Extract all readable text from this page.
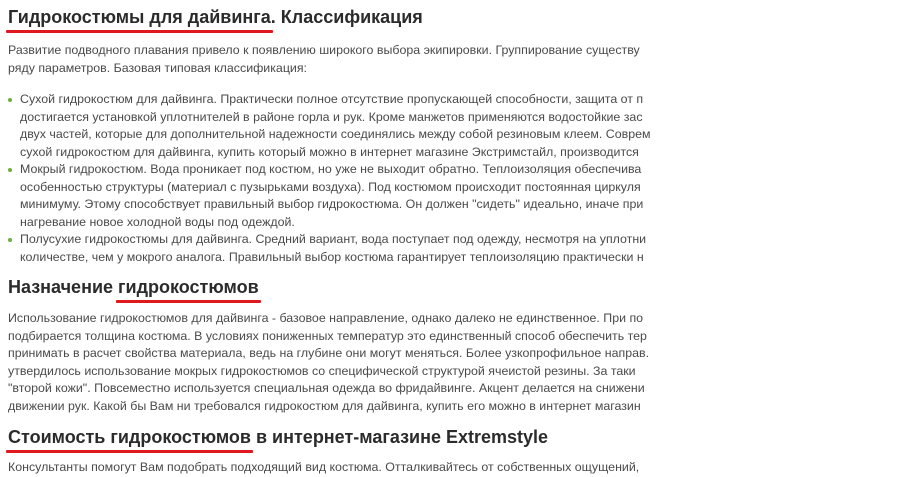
Гидрокостюмы для дайвинга. Классификация

Развитие подводного плавания привело к появлению широкого выбора экипировки. Группирование существу

ряду параметров. Базовая типовая классификация:

Сухой гидрокостюм для дайвинга. Практически полное отсутствие пропускающей способности, защита от п

достигается установкой уплотнителей в районе горла и рук. Кроме манжетов применяются водостойкие зас

двух частей, которые для дополнительной надежности соединялись между собой резиновым клеем. Соврем

сухой гидрокостюм для дайвинга, купить который можно в интернет магазине Экстримстайл, производится

Мокрый гидрокостюм. Вода проникает под костюм, но уже не выходит обратно. Теплоизоляция обеспечива

особенностью структуры (материал с пузырьками воздуха). Под костюмом происходит постоянная циркуля

минимуму. Этому способствует правильный выбор гидрокостюма. Он должен "сидеть" идеально, иначе при

нагревание новое холодной воды под одеждой.

Полусухие гидрокостюмы для дайвинга. Средний вариант, вода поступает под одежду, несмотря на уплотни

количестве, чем у мокрого аналога. Правильный выбор костюма гарантирует теплоизоляцию практически н

Назначение гидрокостюмов

Использование гидрокостюмов для дайвинга - базовое направление, однако далеко не единственное. При по

подбирается толщина костюма. В условиях пониженных температур это единственный способ обеспечить тер

принимать в расчет свойства материала, ведь на глубине они могут меняться. Более узкопрофильное направ.

утвердилось использование мокрых гидрокостюмов со специфической структурой ячеистой резины. За таки

"второй кожи". Повсеместно используется специальная одежда во фридайвинге. Акцент делается на снижени

движении рук. Какой бы Вам ни требовался гидрокостюм для дайвинга, купить его можно в интернет магазин

Стоимость гидрокостюмов в интернет-магазине Extremstyle

Консультанты помогут Вам подобрать подходящий вид костюма. Отталкивайтесь от собственных ощущений,
